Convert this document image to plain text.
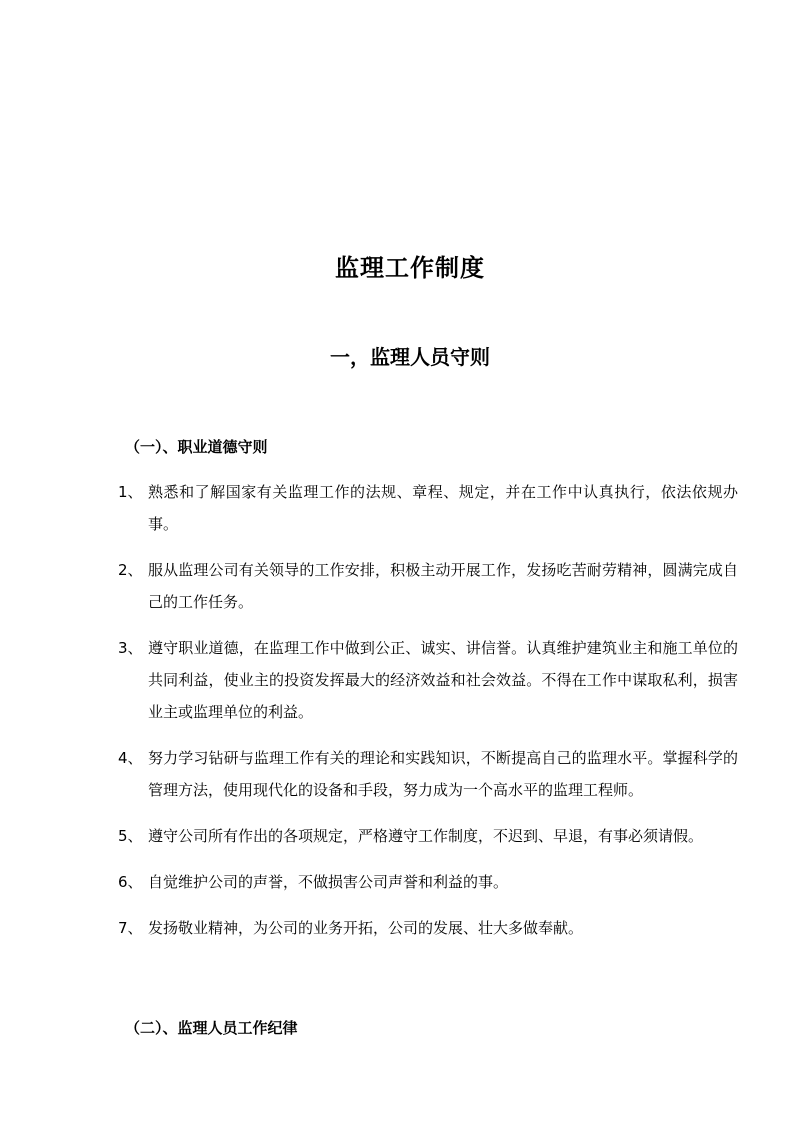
监理工作制度
一，监理人员守则
（一）、职业道德守则
1、 熟悉和了解国家有关监理工作的法规、章程、规定，并在工作中认真执行，依法依规办事。
2、 服从监理公司有关领导的工作安排，积极主动开展工作，发扬吃苦耐劳精神，圆满完成自己的工作任务。
3、 遵守职业道德，在监理工作中做到公正、诚实、讲信誉。认真维护建筑业主和施工单位的共同利益，使业主的投资发挥最大的经济效益和社会效益。不得在工作中谋取私利，损害业主或监理单位的利益。
4、 努力学习钻研与监理工作有关的理论和实践知识，不断提高自己的监理水平。掌握科学的管理方法，使用现代化的设备和手段，努力成为一个高水平的监理工程师。
5、 遵守公司所有作出的各项规定，严格遵守工作制度，不迟到、早退，有事必须请假。
6、 自觉维护公司的声誉，不做损害公司声誉和利益的事。
7、 发扬敬业精神，为公司的业务开拓，公司的发展、壮大多做奉献。
（二）、监理人员工作纪律
